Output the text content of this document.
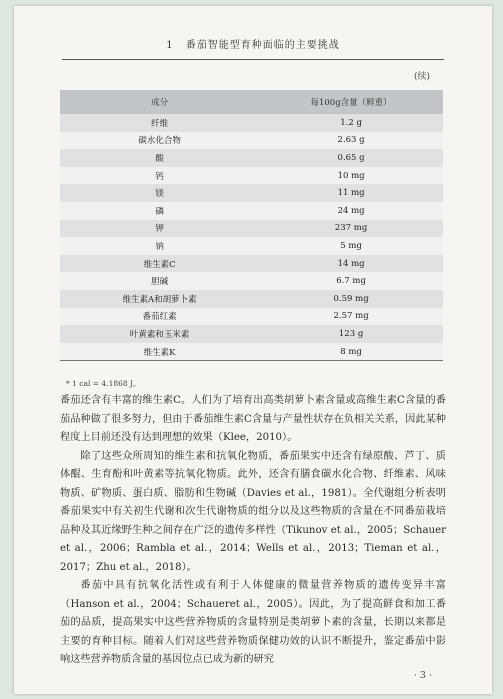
1 番茄智能型育种面临的主要挑战
(续)
成分	每100g含量（鲜重）
纤维	1.2 g
碳水化合物	2.63 g
酸	0.65 g
钙	10 mg
镁	11 mg
磷	24 mg
钾	237 mg
钠	5 mg
维生素C	14 mg
胆碱	6.7 mg
维生素A和胡萝卜素	0.59 mg
番茄红素	2.57 mg
叶黄素和玉米素	123 g
维生素K	8 mg
* 1 cal = 4.1868 J。

番茄还含有丰富的维生素C。人们为了培育出高类胡萝卜素含量或高维生素C含量的番茄品种做了很多努力，但由于番茄维生素C含量与产量性状存在负相关关系，因此某种程度上目前还没有达到理想的效果（Klee，2010）。

除了这些众所周知的维生素和抗氧化物质，番茄果实中还含有绿原酸、芦丁、质体醌、生育酚和叶黄素等抗氧化物质。此外，还含有膳食碳水化合物、纤维素、风味物质、矿物质、蛋白质、脂肪和生物碱（Davies et al.，1981）。全代谢组分析表明番茄果实中有关初生代谢和次生代谢物质的组分以及这些物质的含量在不同番茄栽培品种及其近缘野生种之间存在广泛的遗传多样性（Tikunov et al.，2005；Schauer et al.，2006；Rambla et al.，2014；Wells et al.，2013；Tieman et al.，2017；Zhu et al.，2018）。

番茄中具有抗氧化活性或有利于人体健康的微量营养物质的遗传变异丰富（Hanson et al.，2004；Schaueret al.，2005）。因此，为了提高鲜食和加工番茄的品质，提高果实中这些营养物质的含量特别是类胡萝卜素的含量，长期以来都是主要的育种目标。随着人们对这些营养物质保健功效的认识不断提升，鉴定番茄中影响这些营养物质含量的基因位点已成为新的研究

· 3 ·
